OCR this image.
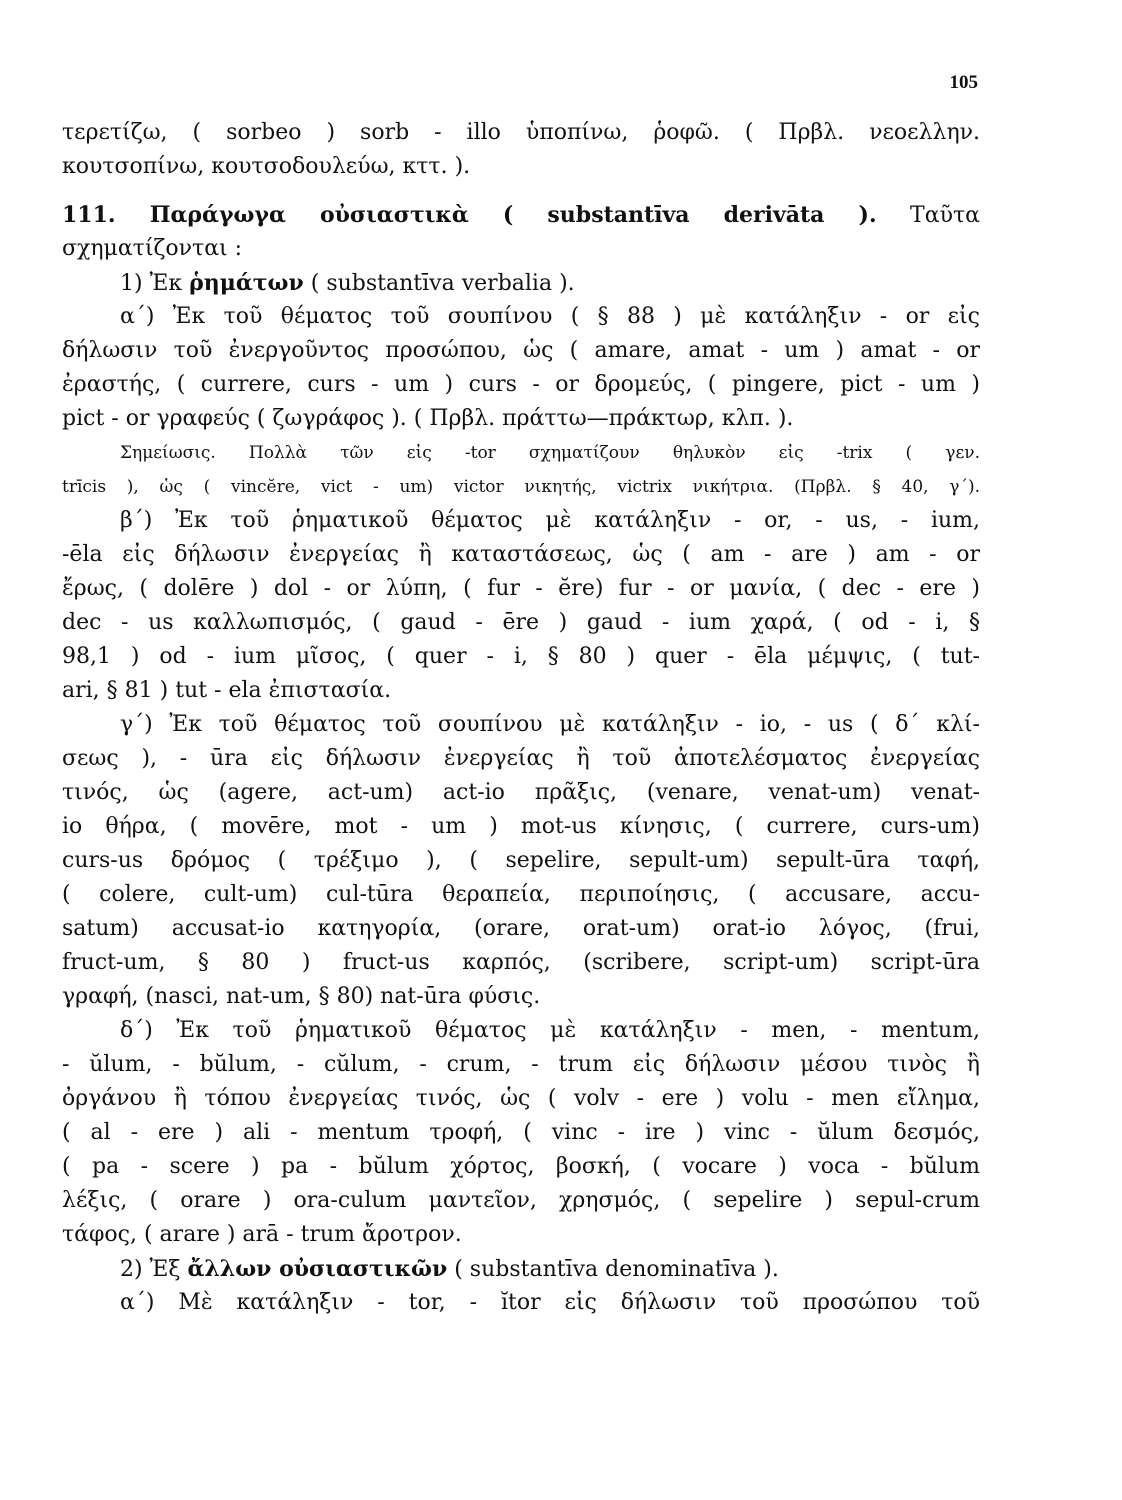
105
τερετίζω, ( sorbeo ) sorb - illo ὑποπίνω, ῥοφῶ. ( Πρβλ. νεοελλην.
κουτσοπίνω, κουτσοδουλεύω, κττ. ).
111. Παράγωγα οὐσιαστικὰ ( substantīva derivāta ). Ταῦτα
σχηματίζονται :
1) Ἐκ ῥημάτων ( substantīva verbalia ).
α΄) Ἐκ τοῦ θέματος τοῦ σουπίνου ( § 88 ) μὲ κατάληξιν - or εἰς
δήλωσιν τοῦ ἐνεργοῦντος προσώπου, ὡς ( amare, amat - um ) amat - or
ἐραστής, ( currere, curs - um ) curs - or δρομεύς, ( pingere, pict - um )
pict - or γραφεύς ( ζωγράφος ). ( Πρβλ. πράττω—πράκτωρ, κλπ. ).
Σημείωσις. Πολλὰ τῶν εἰς -tor σχηματίζουν θηλυκὸν εἰς -trix ( γεν.
trīcis ), ὡς ( vincĕre, vict - um) victor νικητής, victrix νικήτρια. (Πρβλ. § 40, γ΄).
β΄) Ἐκ τοῦ ῥηματικοῦ θέματος μὲ κατάληξιν - or, - us, - ium,
-ēla εἰς δήλωσιν ἐνεργείας ἢ καταστάσεως, ὡς ( am - are ) am - or
ἔρως, ( dolēre ) dol - or λύπη, ( fur - ĕre) fur - or μανία, ( dec - ere )
dec - us καλλωπισμός, ( gaud - ēre ) gaud - ium χαρά, ( od - i, §
98,1 ) od - ium μῖσος, ( quer - i, § 80 ) quer - ēla μέμψις, ( tut-
ari, § 81 ) tut - ela ἐπιστασία.
γ΄) Ἐκ τοῦ θέματος τοῦ σουπίνου μὲ κατάληξιν - io, - us ( δ΄ κλί-
σεως ), - ūra εἰς δήλωσιν ἐνεργείας ἢ τοῦ ἀποτελέσματος ἐνεργείας
τινός, ὡς (agere, act-um) act-io πρᾶξις, (venare, venat-um) venat-
io θήρα, ( movēre, mot - um ) mot-us κίνησις, ( currere, curs-um)
curs-us δρόμος ( τρέξιμο ), ( sepelire, sepult-um) sepult-ūra ταφή,
( colere, cult-um) cul-tūra θεραπεία, περιποίησις, ( accusare, accu-
satum) accusat-io κατηγορία, (orare, orat-um) orat-io λόγος, (frui,
fruct-um, § 80 ) fruct-us καρπός, (scribere, script-um) script-ūra
γραφή, (nasci, nat-um, § 80) nat-ūra φύσις.
δ΄) Ἐκ τοῦ ῥηματικοῦ θέματος μὲ κατάληξιν - men, - mentum,
- ŭlum, - bŭlum, - cŭlum, - crum, - trum εἰς δήλωσιν μέσου τινὸς ἢ
ὀργάνου ἢ τόπου ἐνεργείας τινός, ὡς ( volv - ere ) volu - men εἴλημα,
( al - ere ) ali - mentum τροφή, ( vinc - ire ) vinc - ŭlum δεσμός,
( pa - scere ) pa - bŭlum χόρτος, βοσκή, ( vocare ) voca - bŭlum
λέξις, ( orare ) ora-culum μαντεῖον, χρησμός, ( sepelire ) sepul-crum
τάφος, ( arare ) arā - trum ἄροτρον.
2) Ἐξ ἄλλων οὐσιαστικῶν ( substantīva denominatīva ).
α΄) Μὲ κατάληξιν - tor, - ĭtor εἰς δήλωσιν τοῦ προσώπου τοῦ
